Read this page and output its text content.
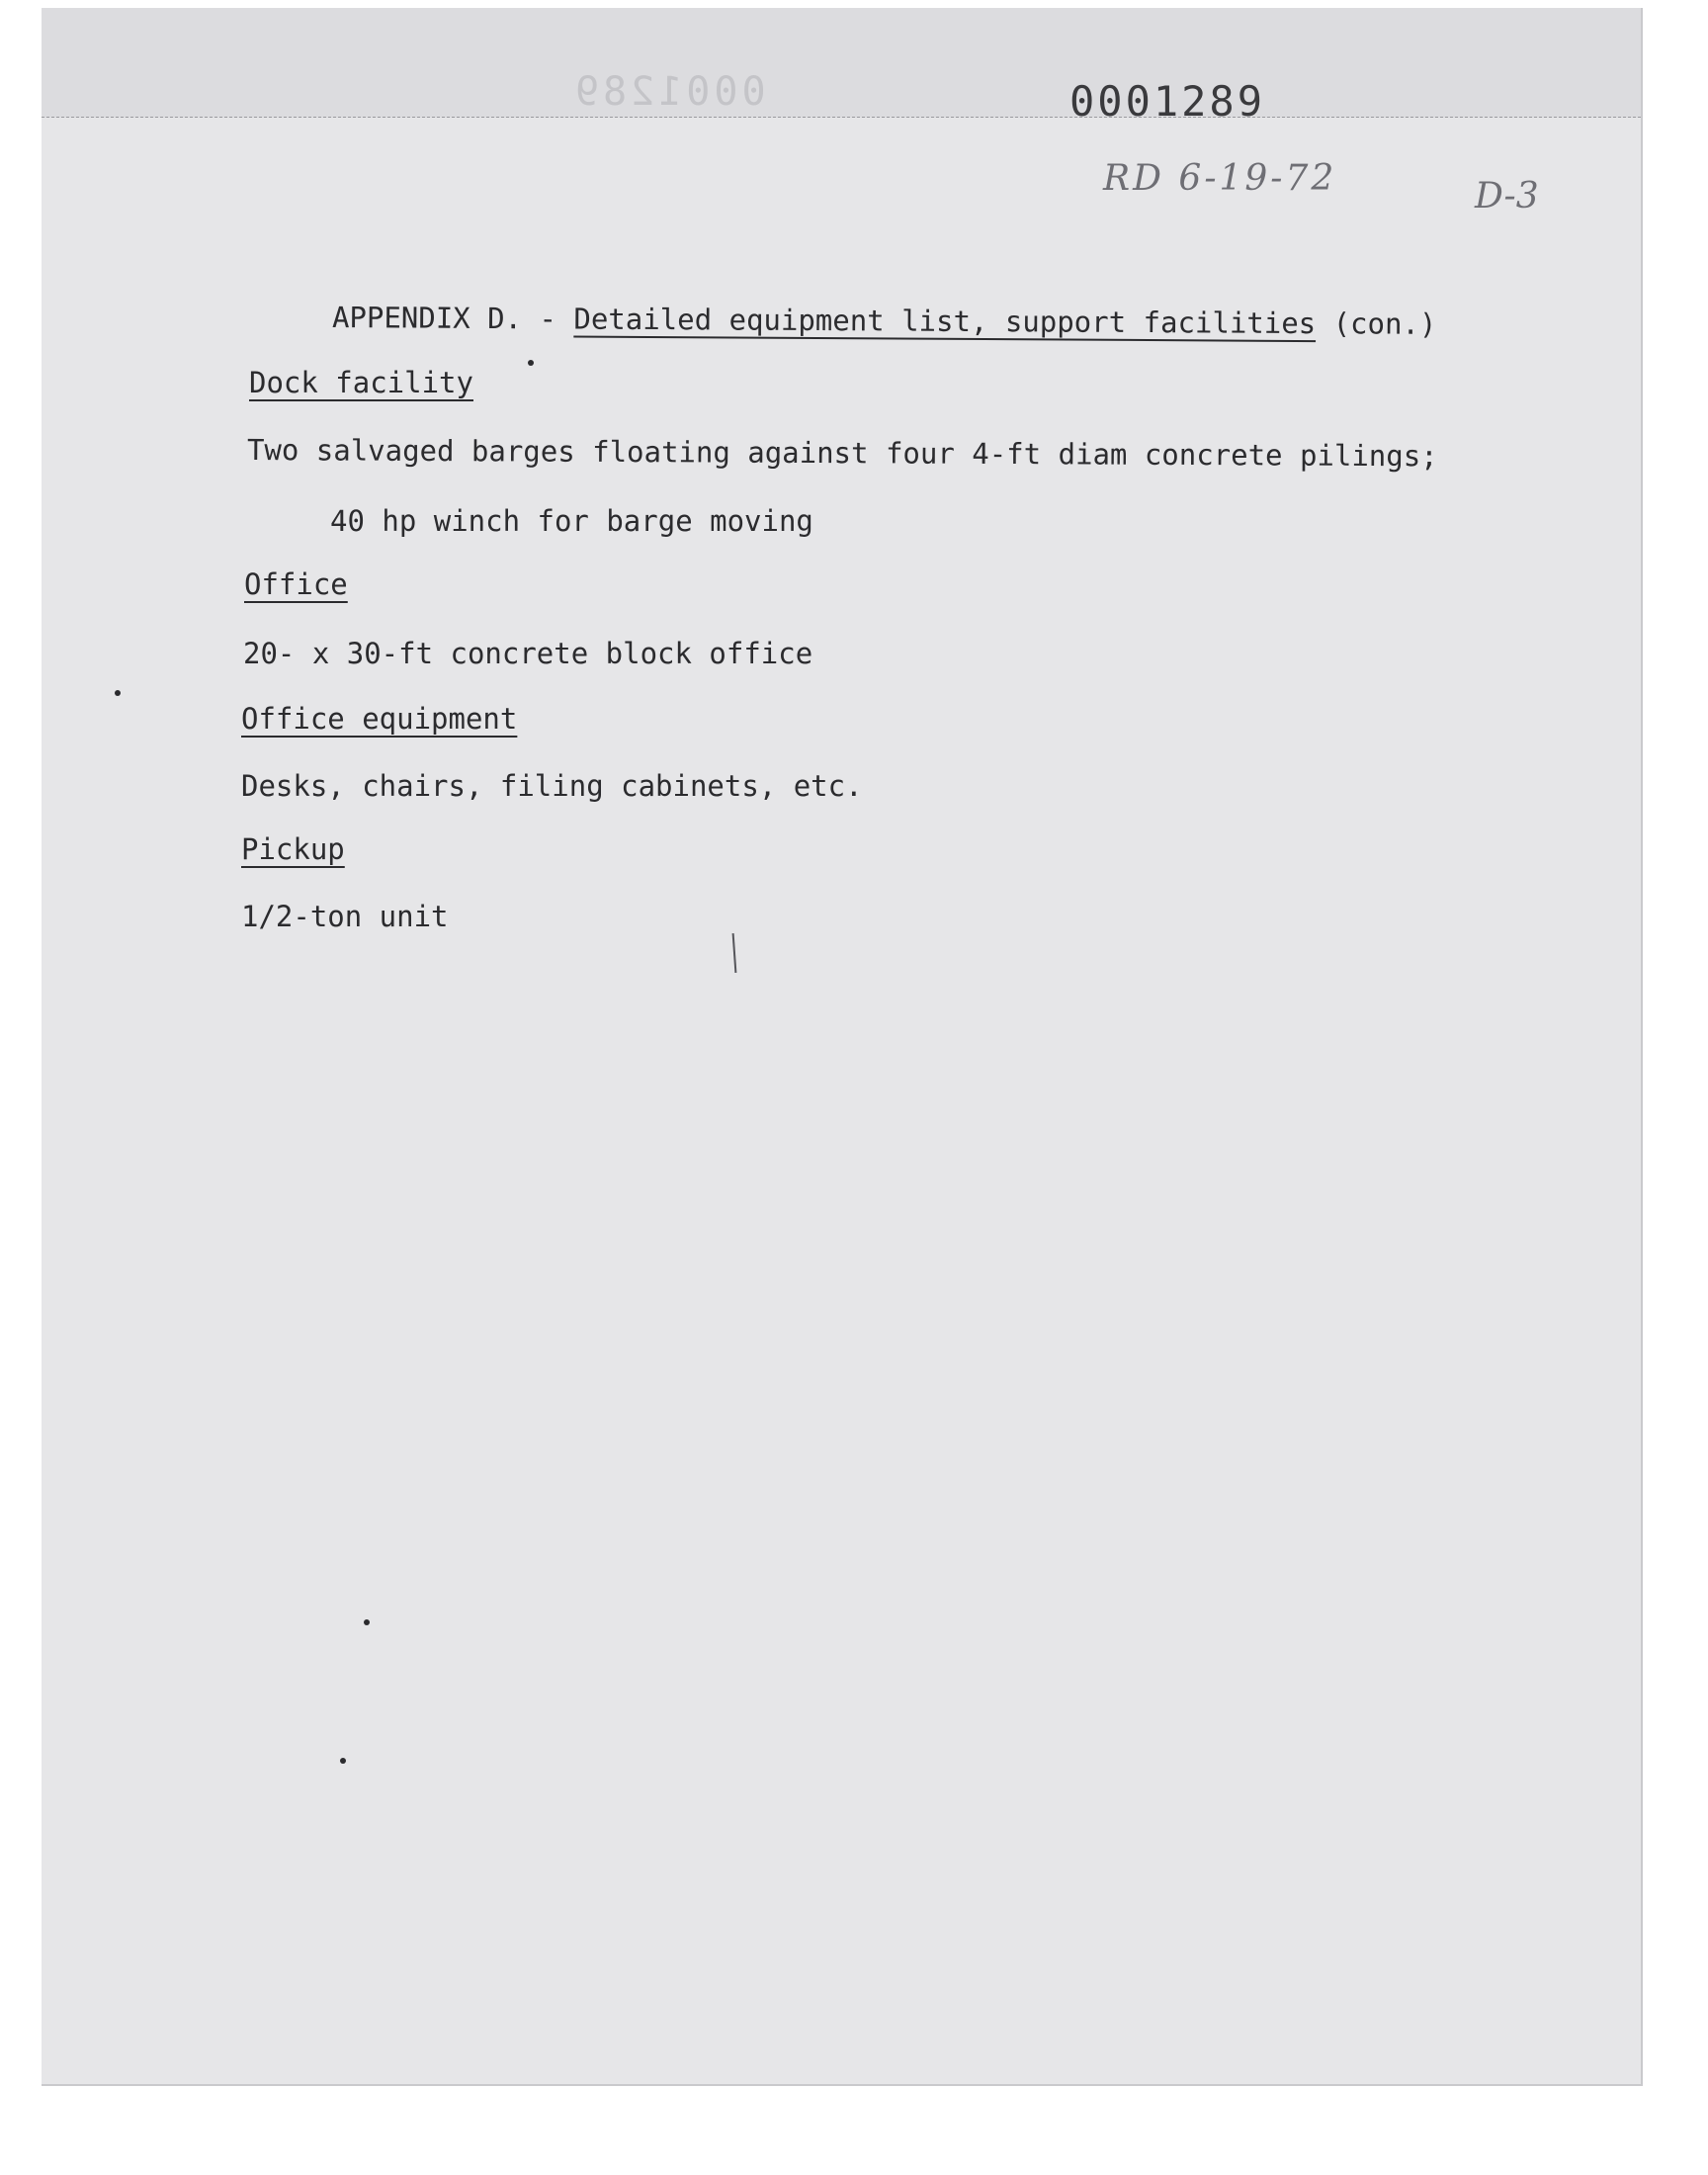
0001289	0001289
RD 6-19-72	D-3
APPENDIX D. - Detailed equipment list, support facilities (con.)
Dock facility
Two salvaged barges floating against four 4-ft diam concrete pilings;
40 hp winch for barge moving
Office
20- x 30-ft concrete block office
Office equipment
Desks, chairs, filing cabinets, etc.
Pickup
1/2-ton unit
